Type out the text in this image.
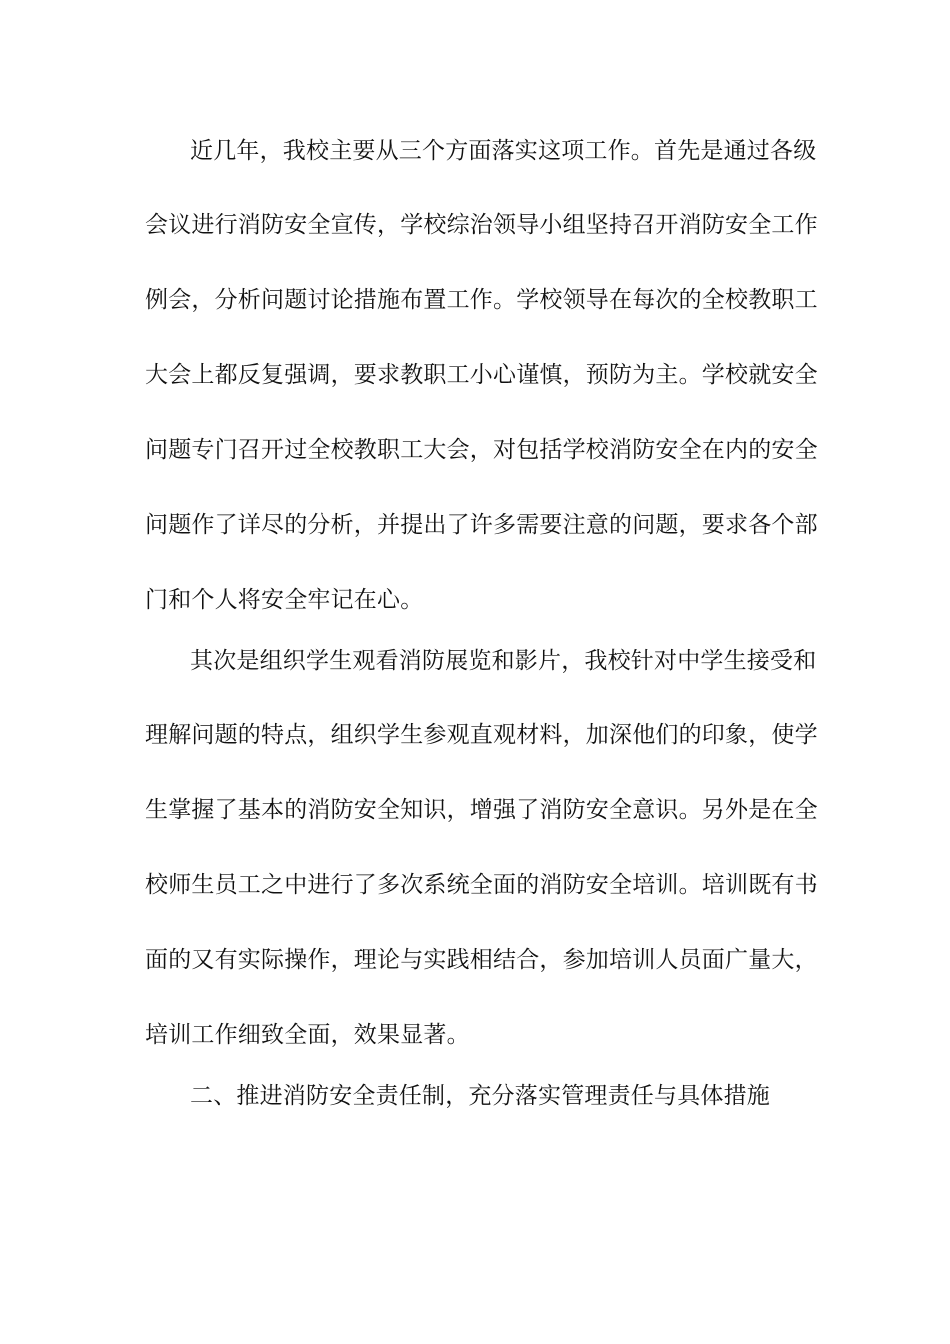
近几年，我校主要从三个方面落实这项工作。首先是通过各级
会议进行消防安全宣传，学校综治领导小组坚持召开消防安全工作
例会，分析问题讨论措施布置工作。学校领导在每次的全校教职工
大会上都反复强调，要求教职工小心谨慎，预防为主。学校就安全
问题专门召开过全校教职工大会，对包括学校消防安全在内的安全
问题作了详尽的分析，并提出了许多需要注意的问题，要求各个部
门和个人将安全牢记在心。
其次是组织学生观看消防展览和影片，我校针对中学生接受和
理解问题的特点，组织学生参观直观材料，加深他们的印象，使学
生掌握了基本的消防安全知识，增强了消防安全意识。另外是在全
校师生员工之中进行了多次系统全面的消防安全培训。培训既有书
面的又有实际操作，理论与实践相结合，参加培训人员面广量大，
培训工作细致全面，效果显著。
二、推进消防安全责任制，充分落实管理责任与具体措施
